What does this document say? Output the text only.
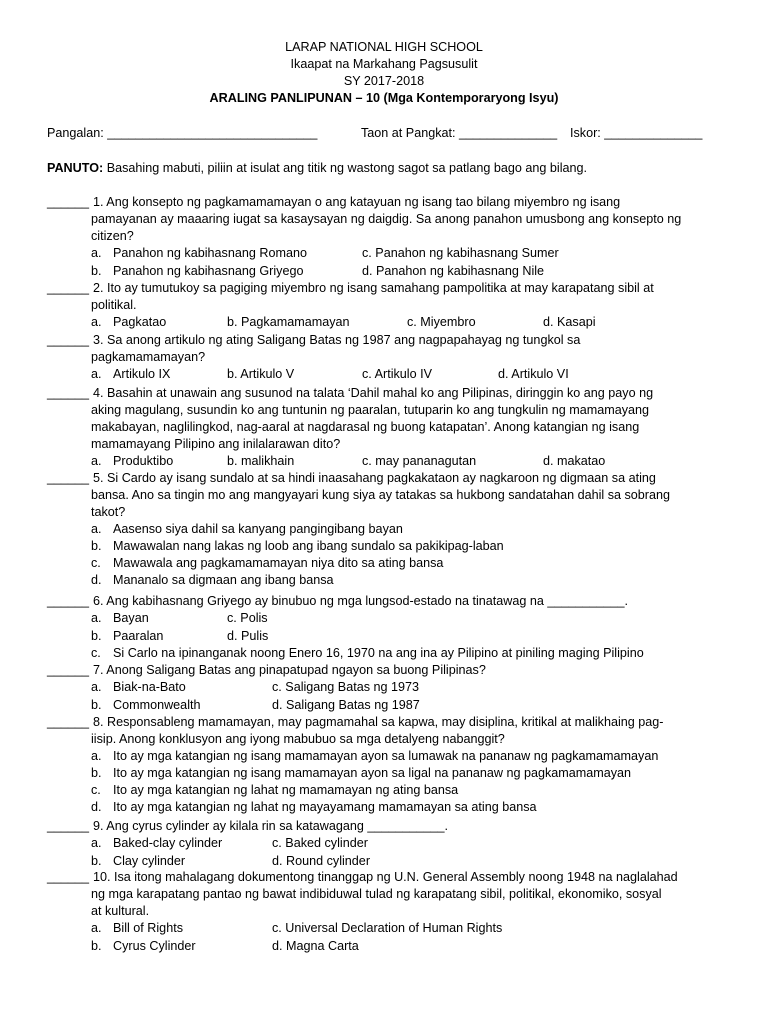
LARAP NATIONAL HIGH SCHOOL
Ikaapat na Markahang Pagsusulit
SY 2017-2018
ARALING PANLIPUNAN – 10 (Mga Kontemporaryong Isyu)
Pangalan: ______________________________	Taon at Pangkat: ______________ Iskor: ______________
PANUTO: Basahing mabuti, piliin at isulat ang titik ng wastong sagot sa patlang bago ang bilang.
______ 1. Ang konsepto ng pagkamamamayan o ang katayuan ng isang tao bilang miyembro ng isang
pamayanan ay maaaring iugat sa kasaysayan ng daigdig. Sa anong panahon umusbong ang konsepto ng
citizen?
a. Panahon ng kabihasnang Romano	c. Panahon ng kabihasnang Sumer
b. Panahon ng kabihasnang Griyego	d. Panahon ng kabihasnang Nile
______ 2. Ito ay tumutukoy sa pagiging miyembro ng isang samahang pampolitika at may karapatang sibil at
politikal.
a. Pagkatao	b. Pagkamamamayan	c. Miyembro	d. Kasapi
______ 3. Sa anong artikulo ng ating Saligang Batas ng 1987 ang nagpapahayag ng tungkol sa
pagkamamamayan?
a. Artikulo IX	b. Artikulo V	c. Artikulo IV	d. Artikulo VI
______ 4. Basahin at unawain ang susunod na talata ‘Dahil mahal ko ang Pilipinas, diringgin ko ang payo ng
aking magulang, susundin ko ang tuntunin ng paaralan, tutuparin ko ang tungkulin ng mamamayang
makabayan, naglilingkod, nag-aaral at nagdarasal ng buong katapatan’. Anong katangian ng isang
mamamayang Pilipino ang inilalarawan dito?
a. Produktibo	b. malikhain	c. may pananagutan	d. makatao
______ 5. Si Cardo ay isang sundalo at sa hindi inaasahang pagkakataon ay nagkaroon ng digmaan sa ating
bansa. Ano sa tingin mo ang mangyayari kung siya ay tatakas sa hukbong sandatahan dahil sa sobrang
takot?
a. Aasenso siya dahil sa kanyang pangingibang bayan
b. Mawawalan nang lakas ng loob ang ibang sundalo sa pakikipag-laban
c. Mawawala ang pagkamamamayan niya dito sa ating bansa
d. Mananalo sa digmaan ang ibang bansa
______ 6. Ang kabihasnang Griyego ay binubuo ng mga lungsod-estado na tinatawag na ___________.
a. Bayan	c. Polis
b. Paaralan	d. Pulis
c. Si Carlo na ipinanganak noong Enero 16, 1970 na ang ina ay Pilipino at piniling maging Pilipino
______ 7. Anong Saligang Batas ang pinapatupad ngayon sa buong Pilipinas?
a. Biak-na-Bato	c. Saligang Batas ng 1973
b. Commonwealth	d. Saligang Batas ng 1987
______ 8. Responsableng mamamayan, may pagmamahal sa kapwa, may disiplina, kritikal at malikhaing pag-
iisip. Anong konklusyon ang iyong mabubuo sa mga detalyeng nabanggit?
a. Ito ay mga katangian ng isang mamamayan ayon sa lumawak na pananaw ng pagkamamamayan
b. Ito ay mga katangian ng isang mamamayan ayon sa ligal na pananaw ng pagkamamamayan
c. Ito ay mga katangian ng lahat ng mamamayan ng ating bansa
d. Ito ay mga katangian ng lahat ng mayayamang mamamayan sa ating bansa
______ 9. Ang cyrus cylinder ay kilala rin sa katawagang ___________.
a. Baked-clay cylinder	c. Baked cylinder
b. Clay cylinder	d. Round cylinder
______ 10. Isa itong mahalagang dokumentong tinanggap ng U.N. General Assembly noong 1948 na naglalahad
ng mga karapatang pantao ng bawat indibiduwal tulad ng karapatang sibil, politikal, ekonomiko, sosyal
at kultural.
a. Bill of Rights	c. Universal Declaration of Human Rights
b. Cyrus Cylinder	d. Magna Carta
